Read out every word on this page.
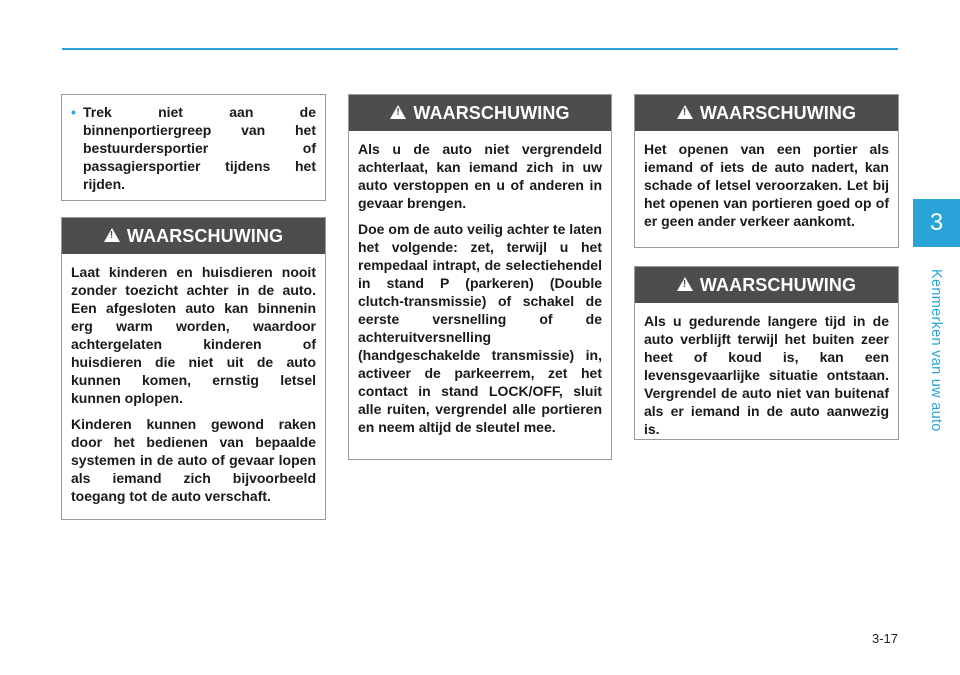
3
Kenmerken van uw auto
• Trek niet aan de binnenportiergreep van het bestuurdersportier of passagiersportier tijdens het rijden.
!
WAARSCHUWING

Laat kinderen en huisdieren nooit zonder toezicht achter in de auto. Een afgesloten auto kan binnenin erg warm worden, waardoor achtergelaten kinderen of huisdieren die niet uit de auto kunnen komen, ernstig letsel kunnen oplopen.

Kinderen kunnen gewond raken door het bedienen van bepaalde systemen in de auto of gevaar lopen als iemand zich bijvoorbeeld toegang tot de auto verschaft.

!
WAARSCHUWING

Als u de auto niet vergrendeld achterlaat, kan iemand zich in uw auto verstoppen en u of anderen in gevaar brengen.

Doe om de auto veilig achter te laten het volgende: zet, terwijl u het rempedaal intrapt, de selectiehendel in stand P (parkeren) (Double clutch-transmissie) of schakel de eerste versnelling of de achteruitversnelling (handgeschakelde transmissie) in, activeer de parkeerrem, zet het contact in stand LOCK/OFF, sluit alle ruiten, vergrendel alle portieren en neem altijd de sleutel mee.

!
WAARSCHUWING

Het openen van een portier als iemand of iets de auto nadert, kan schade of letsel veroorzaken. Let bij het openen van portieren goed op of er geen ander verkeer aankomt.

!
WAARSCHUWING

Als u gedurende langere tijd in de auto verblijft terwijl het buiten zeer heet of koud is, kan een levensgevaarlijke situatie ontstaan. Vergrendel de auto niet van buitenaf als er iemand in de auto aanwezig is.

3-17
